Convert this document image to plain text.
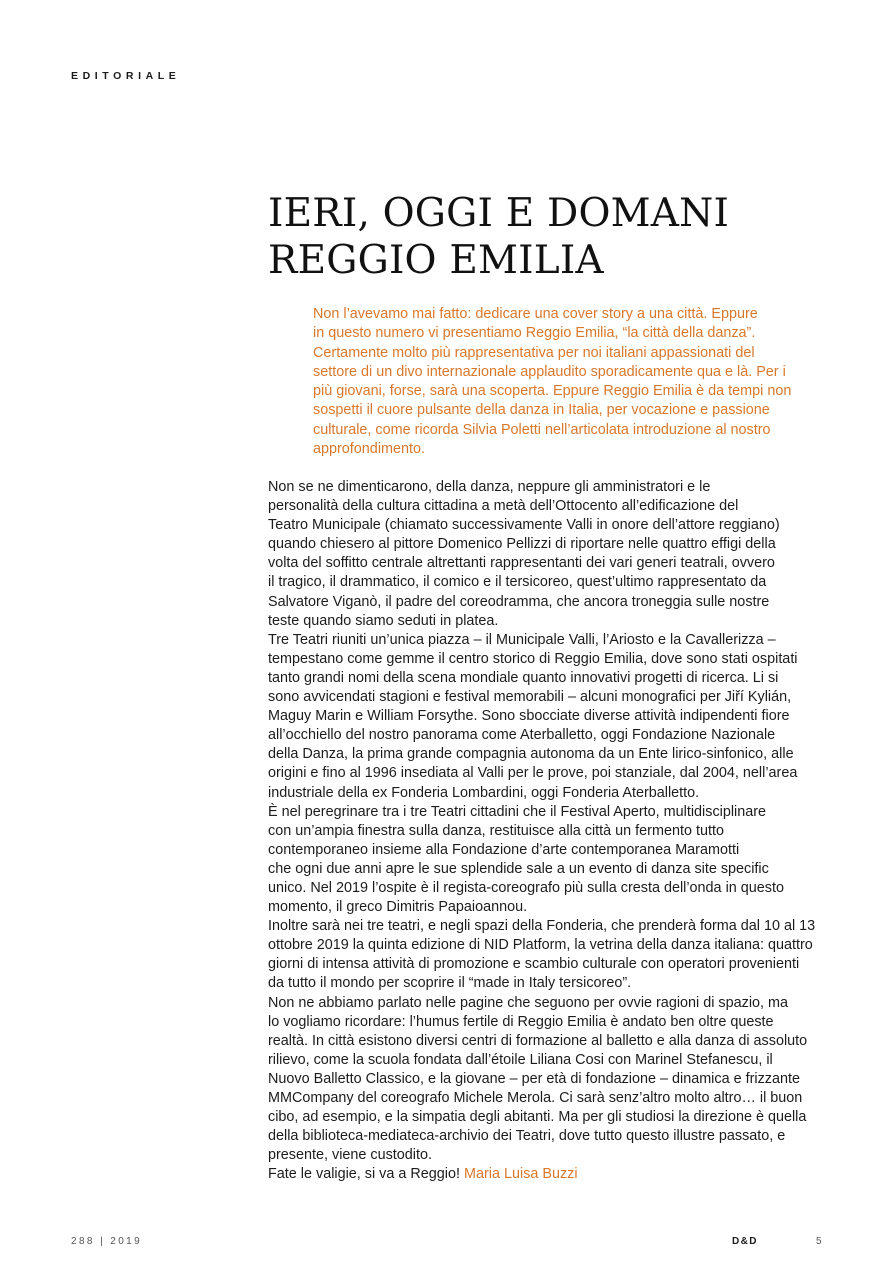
EDITORIALE
IERI, OGGI E DOMANI
REGGIO EMILIA

Non l’avevamo mai fatto: dedicare una cover story a una città. Eppure
in questo numero vi presentiamo Reggio Emilia, “la città della danza”.
Certamente molto più rappresentativa per noi italiani appassionati del
settore di un divo internazionale applaudito sporadicamente qua e là. Per i
più giovani, forse, sarà una scoperta. Eppure Reggio Emilia è da tempi non
sospetti il cuore pulsante della danza in Italia, per vocazione e passione
culturale, come ricorda Silvia Poletti nell’articolata introduzione al nostro
approfondimento.

Non se ne dimenticarono, della danza, neppure gli amministratori e le
personalità della cultura cittadina a metà dell’Ottocento all’edificazione del
Teatro Municipale (chiamato successivamente Valli in onore dell’attore reggiano)
quando chiesero al pittore Domenico Pellizzi di riportare nelle quattro effigi della
volta del soffitto centrale altrettanti rappresentanti dei vari generi teatrali, ovvero
il tragico, il drammatico, il comico e il tersicoreo, quest’ultimo rappresentato da
Salvatore Viganò, il padre del coreodramma, che ancora troneggia sulle nostre
teste quando siamo seduti in platea.
Tre Teatri riuniti un’unica piazza – il Municipale Valli, l’Ariosto e la Cavallerizza –
tempestano come gemme il centro storico di Reggio Emilia, dove sono stati ospitati
tanto grandi nomi della scena mondiale quanto innovativi progetti di ricerca. Li si
sono avvicendati stagioni e festival memorabili – alcuni monografici per Jiří Kylián,
Maguy Marin e William Forsythe. Sono sbocciate diverse attività indipendenti fiore
all’occhiello del nostro panorama come Aterballetto, oggi Fondazione Nazionale
della Danza, la prima grande compagnia autonoma da un Ente lirico-sinfonico, alle
origini e fino al 1996 insediata al Valli per le prove, poi stanziale, dal 2004, nell’area
industriale della ex Fonderia Lombardini, oggi Fonderia Aterballetto.
È nel peregrinare tra i tre Teatri cittadini che il Festival Aperto, multidisciplinare
con un’ampia finestra sulla danza, restituisce alla città un fermento tutto
contemporaneo insieme alla Fondazione d’arte contemporanea Maramotti
che ogni due anni apre le sue splendide sale a un evento di danza site specific
unico. Nel 2019 l’ospite è il regista-coreografo più sulla cresta dell’onda in questo
momento, il greco Dimitris Papaioannou.
Inoltre sarà nei tre teatri, e negli spazi della Fonderia, che prenderà forma dal 10 al 13
ottobre 2019 la quinta edizione di NID Platform, la vetrina della danza italiana: quattro
giorni di intensa attività di promozione e scambio culturale con operatori provenienti
da tutto il mondo per scoprire il “made in Italy tersicoreo”.
Non ne abbiamo parlato nelle pagine che seguono per ovvie ragioni di spazio, ma
lo vogliamo ricordare: l’humus fertile di Reggio Emilia è andato ben oltre queste
realtà. In città esistono diversi centri di formazione al balletto e alla danza di assoluto
rilievo, come la scuola fondata dall’étoile Liliana Cosi con Marinel Stefanescu, il
Nuovo Balletto Classico, e la giovane – per età di fondazione – dinamica e frizzante
MMCompany del coreografo Michele Merola. Ci sarà senz’altro molto altro… il buon
cibo, ad esempio, e la simpatia degli abitanti. Ma per gli studiosi la direzione è quella
della biblioteca-mediateca-archivio dei Teatri, dove tutto questo illustre passato, e
presente, viene custodito.
Fate le valigie, si va a Reggio! Maria Luisa Buzzi
288 | 2019	D&D	5
